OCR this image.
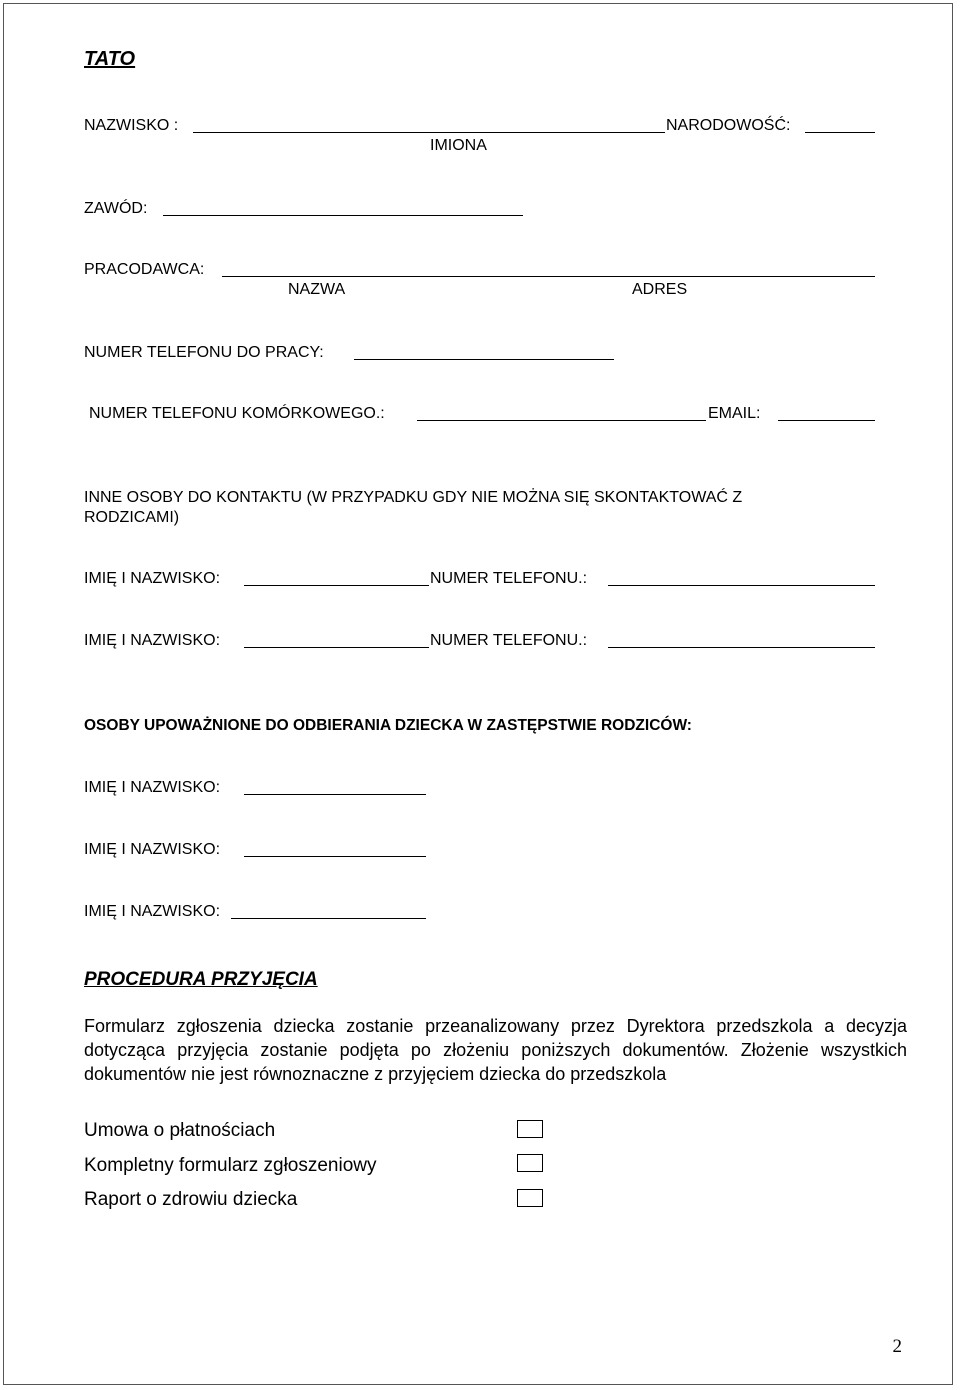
TATO
NAZWISKO :	NARODOWOŚĆ:
IMIONA
ZAWÓD:
PRACODAWCA:
NAZWA	ADRES
NUMER TELEFONU DO PRACY:
NUMER TELEFONU KOMÓRKOWEGO.:	EMAIL:
INNE OSOBY DO KONTAKTU (W PRZYPADKU GDY NIE MOŻNA SIĘ SKONTAKTOWAĆ Z
RODZICAMI)
IMIĘ I NAZWISKO:	NUMER TELEFONU.:
IMIĘ I NAZWISKO:	NUMER TELEFONU.:
OSOBY UPOWAŻNIONE DO ODBIERANIA DZIECKA W ZASTĘPSTWIE RODZICÓW:
IMIĘ I NAZWISKO:
IMIĘ I NAZWISKO:
IMIĘ I NAZWISKO:
PROCEDURA PRZYJĘCIA
Formularz zgłoszenia dziecka zostanie przeanalizowany przez Dyrektora przedszkola a decyzja dotycząca przyjęcia zostanie podjęta po złożeniu poniższych dokumentów. Złożenie wszystkich dokumentów nie jest równoznaczne z przyjęciem dziecka do przedszkola
Umowa o płatnościach
Kompletny formularz zgłoszeniowy
Raport o zdrowiu dziecka
2
